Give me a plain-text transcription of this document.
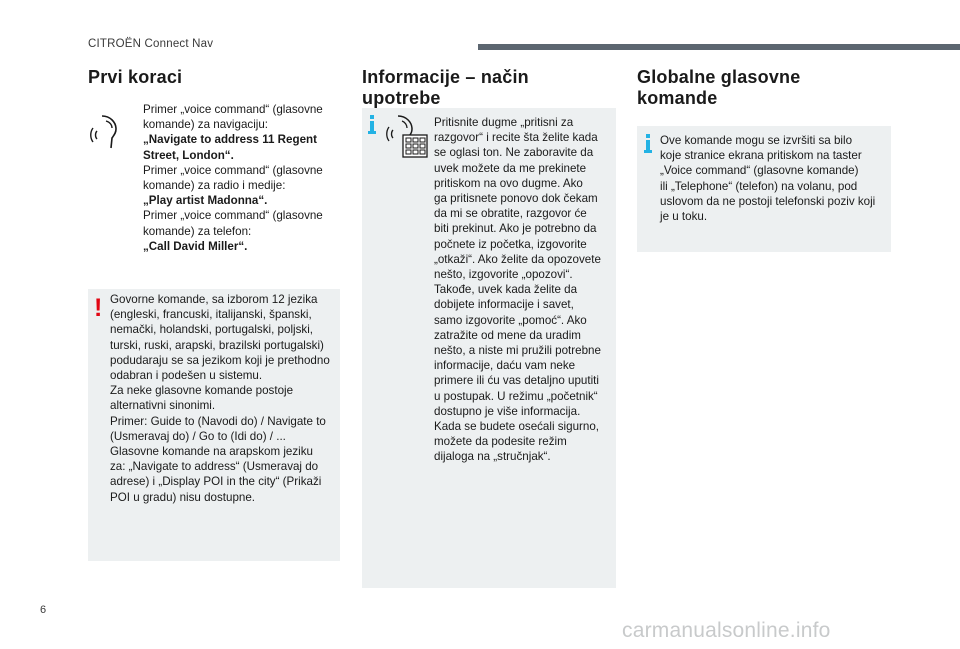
CITROËN Connect Nav
Prvi koraci
Primer „voice command“ (glasovne
komande) za navigaciju:
„Navigate to address 11 Regent
Street, London“.
Primer „voice command“ (glasovne
komande) za radio i medije:
„Play artist Madonna“.
Primer „voice command“ (glasovne
komande) za telefon:
„Call David Miller“.
! Govorne komande, sa izborom 12 jezika
(engleski, francuski, italijanski, španski,
nemački, holandski, portugalski, poljski,
turski, ruski, arapski, brazilski portugalski)
podudaraju se sa jezikom koji je prethodno
odabran i podešen u sistemu.
Za neke glasovne komande postoje
alternativni sinonimi.
Primer: Guide to (Navodi do) / Navigate to
(Usmeravaj do) / Go to (Idi do) / ...
Glasovne komande na arapskom jeziku
za: „Navigate to address“ (Usmeravaj do
adrese) i „Display POI in the city“ (Prikaži
POI u gradu) nisu dostupne.
Informacije – način
upotrebe
Pritisnite dugme „pritisni za
razgovor“ i recite šta želite kada
se oglasi ton. Ne zaboravite da
uvek možete da me prekinete
pritiskom na ovo dugme. Ako
ga pritisnete ponovo dok čekam
da mi se obratite, razgovor će
biti prekinut. Ako je potrebno da
počnete iz početka, izgovorite
„otkaži“. Ako želite da opozovete
nešto, izgovorite „opozovi“.
Takođe, uvek kada želite da
dobijete informacije i savet,
samo izgovorite „pomoć“. Ako
zatražite od mene da uradim
nešto, a niste mi pružili potrebne
informacije, daću vam neke
primere ili ću vas detaljno uputiti
u postupak. U režimu „početnik“
dostupno je više informacija.
Kada se budete osećali sigurno,
možete da podesite režim
dijaloga na „stručnjak“.
Globalne glasovne
komande
Ove komande mogu se izvršiti sa bilo
koje stranice ekrana pritiskom na taster
„Voice command“ (glasovne komande)
ili „Telephone“ (telefon) na volanu, pod
uslovom da ne postoji telefonski poziv koji
je u toku.
6
carmanualsonline.info
